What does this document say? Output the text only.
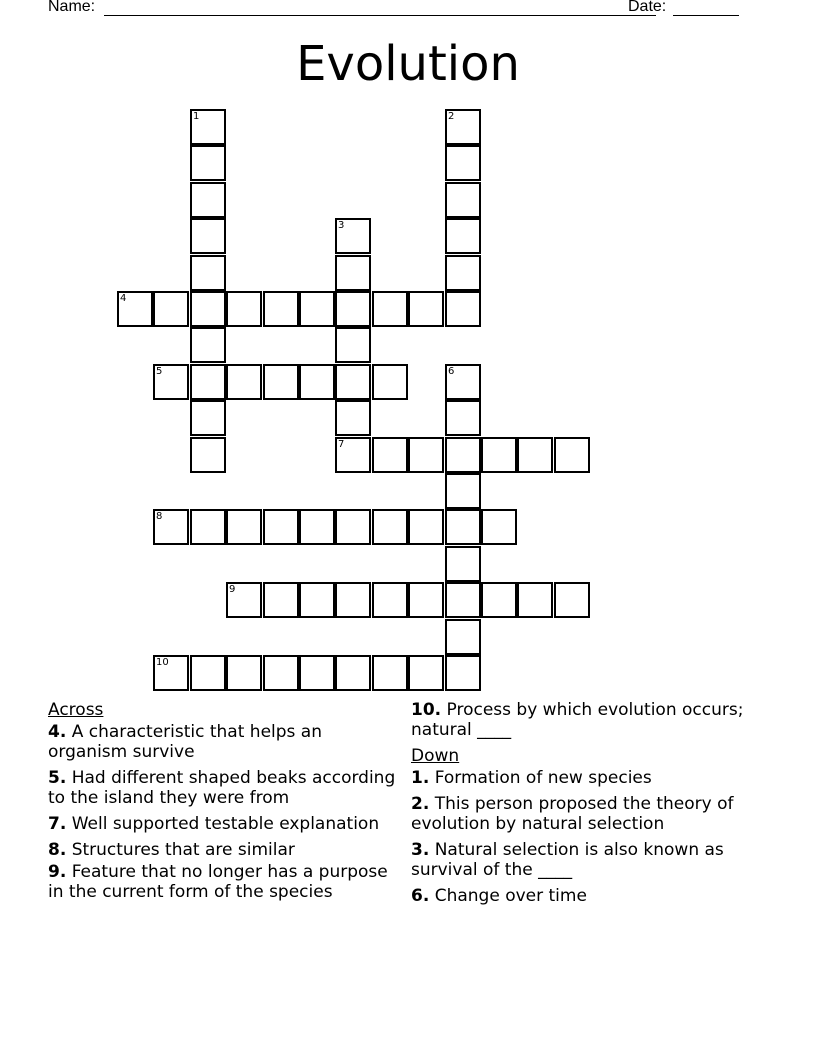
Name:	Date:
Evolution
1	2
3
4
5	6
7
8
9
10
Across
4. A characteristic that helps an organism survive
5. Had different shaped beaks according to the island they were from
7. Well supported testable explanation
8. Structures that are similar
9. Feature that no longer has a purpose in the current form of the species
10. Process by which evolution occurs; natural ____
Down
1. Formation of new species
2. This person proposed the theory of evolution by natural selection
3. Natural selection is also known as survival of the ____
6. Change over time
